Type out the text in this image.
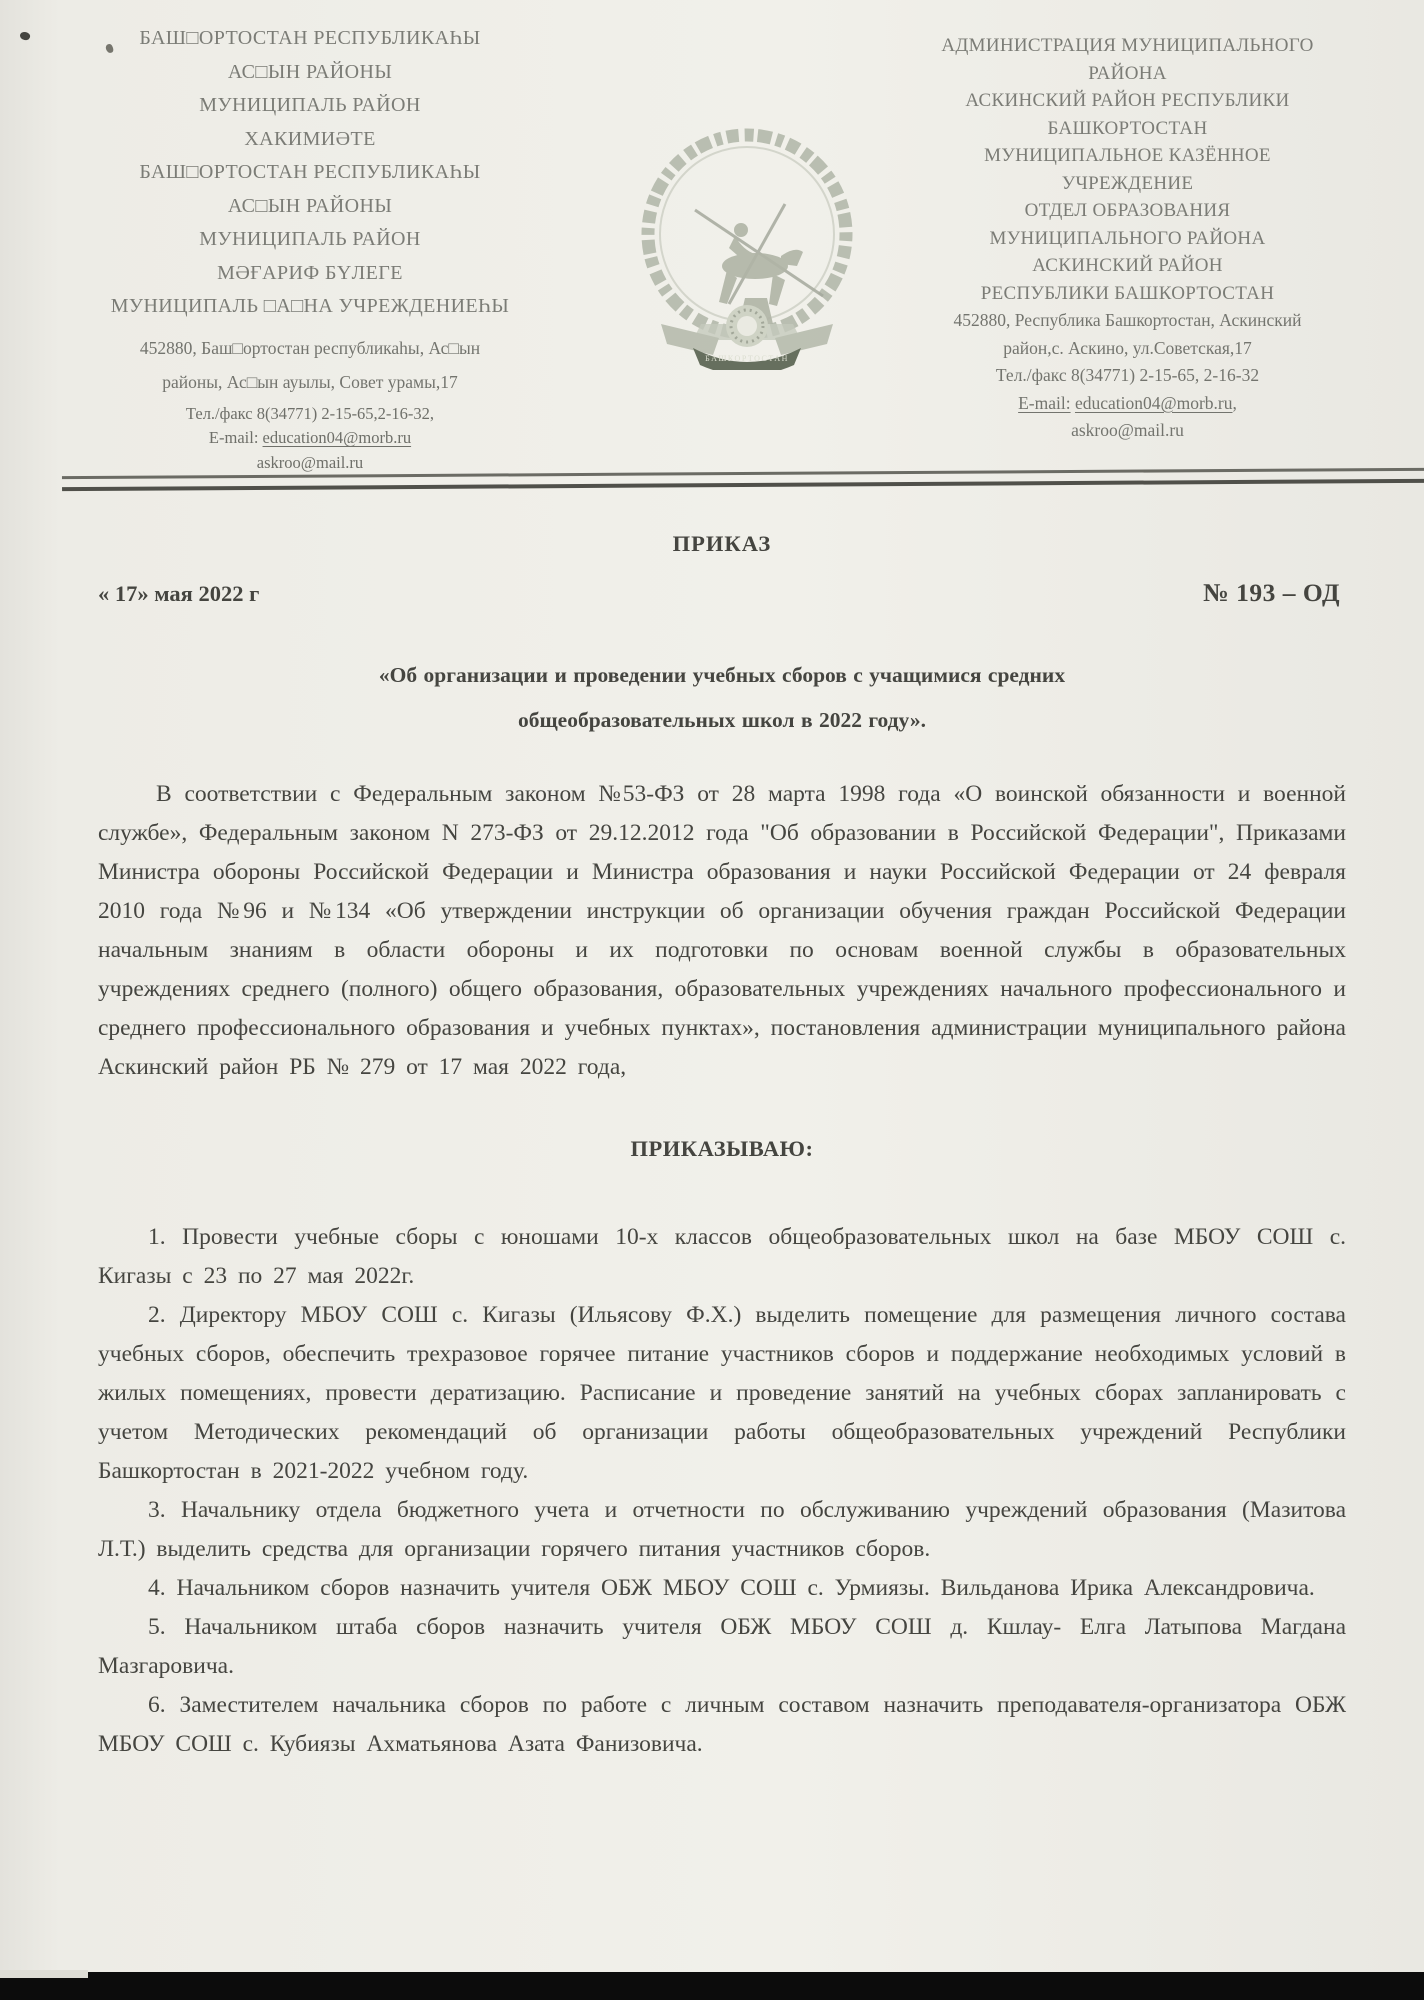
БАШ□ОРТОСТАН РЕСПУБЛИКАҺЫ
АС□ЫН РАЙОНЫ
МУНИЦИПАЛЬ РАЙОН
ХАКИМИӘТЕ
БАШ□ОРТОСТАН РЕСПУБЛИКАҺЫ
АС□ЫН РАЙОНЫ
МУНИЦИПАЛЬ РАЙОН
МӘҒАРИФ БҮЛЕГЕ
МУНИЦИПАЛЬ □А□НА УЧРЕЖДЕНИЕҺЫ
452880, Баш□ортостан республикаһы, Ас□ын
районы, Ас□ын ауылы, Совет урамы,17
Тел./факс 8(34771) 2-15-65,2-16-32,
E-mail: education04@morb.ru
askroo@mail.ru
БАШКОРТОСТАН
АДМИНИСТРАЦИЯ МУНИЦИПАЛЬНОГО
РАЙОНА
АСКИНСКИЙ РАЙОН РЕСПУБЛИКИ
БАШКОРТОСТАН
МУНИЦИПАЛЬНОЕ КАЗЁННОЕ
УЧРЕЖДЕНИЕ
ОТДЕЛ ОБРАЗОВАНИЯ
МУНИЦИПАЛЬНОГО РАЙОНА
АСКИНСКИЙ РАЙОН
РЕСПУБЛИКИ БАШКОРТОСТАН
452880, Республика Башкортостан, Аскинский
район,с. Аскино, ул.Советская,17
Тел./факс 8(34771) 2-15-65, 2-16-32
E-mail: education04@morb.ru,
askroo@mail.ru
ПРИКАЗ
« 17» мая 2022 г	№ 193 – ОД
«Об организации и проведении учебных сборов с учащимися средних
общеобразовательных школ в 2022 году».

В соответствии с Федеральным законом №53-ФЗ от 28 марта 1998 года «О воинской обязанности и военной службе», Федеральным законом N 273-ФЗ от 29.12.2012 года "Об образовании в Российской Федерации", Приказами Министра обороны Российской Федерации и Министра образования и науки Российской Федерации от 24 февраля 2010 года №96 и №134 «Об утверждении инструкции об организации обучения граждан Российской Федерации начальным знаниям в области обороны и их подготовки по основам военной службы в образовательных учреждениях среднего (полного) общего образования, образовательных учреждениях начального профессионального и среднего профессионального образования и учебных пунктах», постановления администрации муниципального района Аскинский район РБ № 279 от 17 мая 2022 года,

ПРИКАЗЫВАЮ:

1. Провести учебные сборы с юношами 10-х классов общеобразовательных школ на базе МБОУ СОШ с. Кигазы с 23 по 27 мая 2022г.

2. Директору МБОУ СОШ с. Кигазы (Ильясову Ф.Х.) выделить помещение для размещения личного состава учебных сборов, обеспечить трехразовое горячее питание участников сборов и поддержание необходимых условий в жилых помещениях, провести дератизацию. Расписание и проведение занятий на учебных сборах запланировать с учетом Методических рекомендаций об организации работы общеобразовательных учреждений Республики Башкортостан в 2021-2022 учебном году.

3. Начальнику отдела бюджетного учета и отчетности по обслуживанию учреждений образования (Мазитова Л.Т.) выделить средства для организации горячего питания участников сборов.

4. Начальником сборов назначить учителя ОБЖ МБОУ СОШ с. Урмиязы. Вильданова Ирика Александровича.

5. Начальником штаба сборов назначить учителя ОБЖ МБОУ СОШ д. Кшлау- Елга Латыпова Магдана Мазгаровича.

6. Заместителем начальника сборов по работе с личным составом назначить преподавателя-организатора ОБЖ МБОУ СОШ с. Кубиязы Ахматьянова Азата Фанизовича.
